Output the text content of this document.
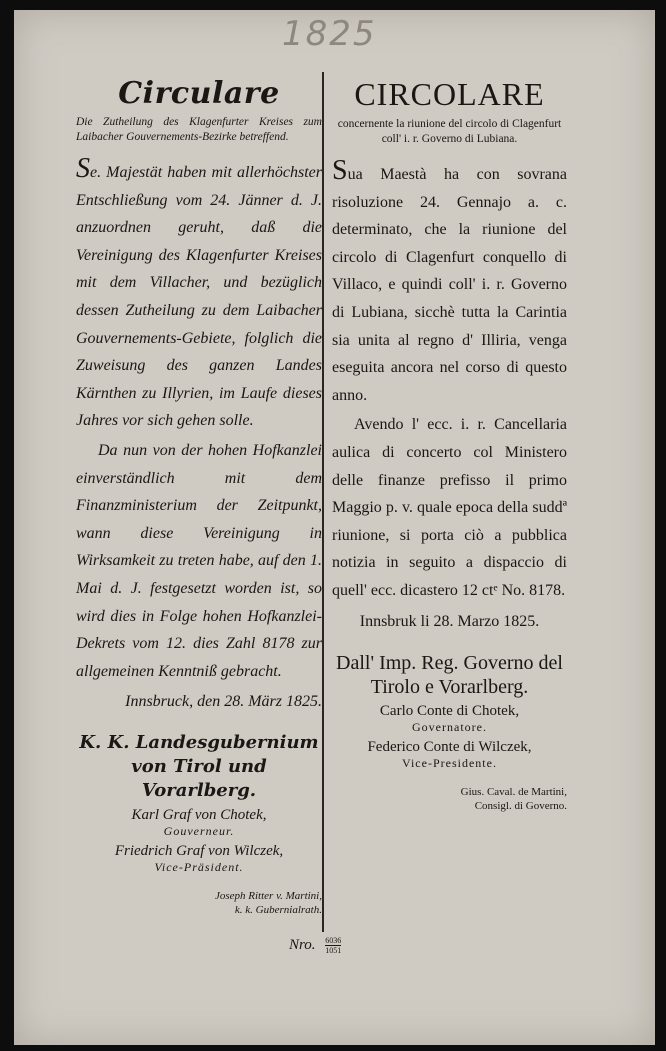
1825
Circulare
Die Zutheilung des Klagenfurter Kreises zum Laibacher Gouvernements-Bezirke betreffend.
Se. Majestät haben mit allerhöchster Entschließung vom 24. Jänner d. J. anzuordnen geruht, daß die Vereinigung des Klagenfurter Kreises mit dem Villacher, und bezüglich dessen Zutheilung zu dem Laibacher Gouvernements-Gebiete, folglich die Zuweisung des ganzen Landes Kärnthen zu Illyrien, im Laufe dieses Jahres vor sich gehen solle.
Da nun von der hohen Hofkanzlei einverständlich mit dem Finanzministerium der Zeitpunkt, wann diese Vereinigung in Wirksamkeit zu treten habe, auf den 1. Mai d. J. festgesetzt worden ist, so wird dies in Folge hohen Hofkanzlei-Dekrets vom 12. dies Zahl 8178 zur allgemeinen Kenntniß gebracht.
Innsbruck, den 28. März 1825.
K. K. Landesgubernium von Tirol und Vorarlberg.
Karl Graf von Chotek,
Gouverneur.
Friedrich Graf von Wilczek,
Vice-Präsident.
Joseph Ritter v. Martini,
k. k. Gubernialrath.
CIRCOLARE
concernente la riunione del circolo di Clagenfurt coll' i. r. Governo di Lubiana.
Sua Maestà ha con sovrana risoluzione 24. Gennajo a. c. determinato, che la riunione del circolo di Clagenfurt conquello di Villaco, e quindi coll' i. r. Governo di Lubiana, sicchè tutta la Carintia sia unita al regno d' Illiria, venga eseguita ancora nel corso di questo anno.
Avendo l' ecc. i. r. Cancellaria aulica di concerto col Ministero delle finanze prefisso il primo Maggio p. v. quale epoca della suddª riunione, si porta ciò a pubblica notizia in seguito a dispaccio di quell' ecc. dicastero 12 ctᵉ No. 8178.
Innsbruk li 28. Marzo 1825.
Dall' Imp. Reg. Governo del Tirolo e Vorarlberg.
Carlo Conte di Chotek,
Governatore.
Federico Conte di Wilczek,
Vice-Presidente.
Gius. Caval. de Martini,
Consigl. di Governo.
Nro. $\frac{6036}{1051}$
